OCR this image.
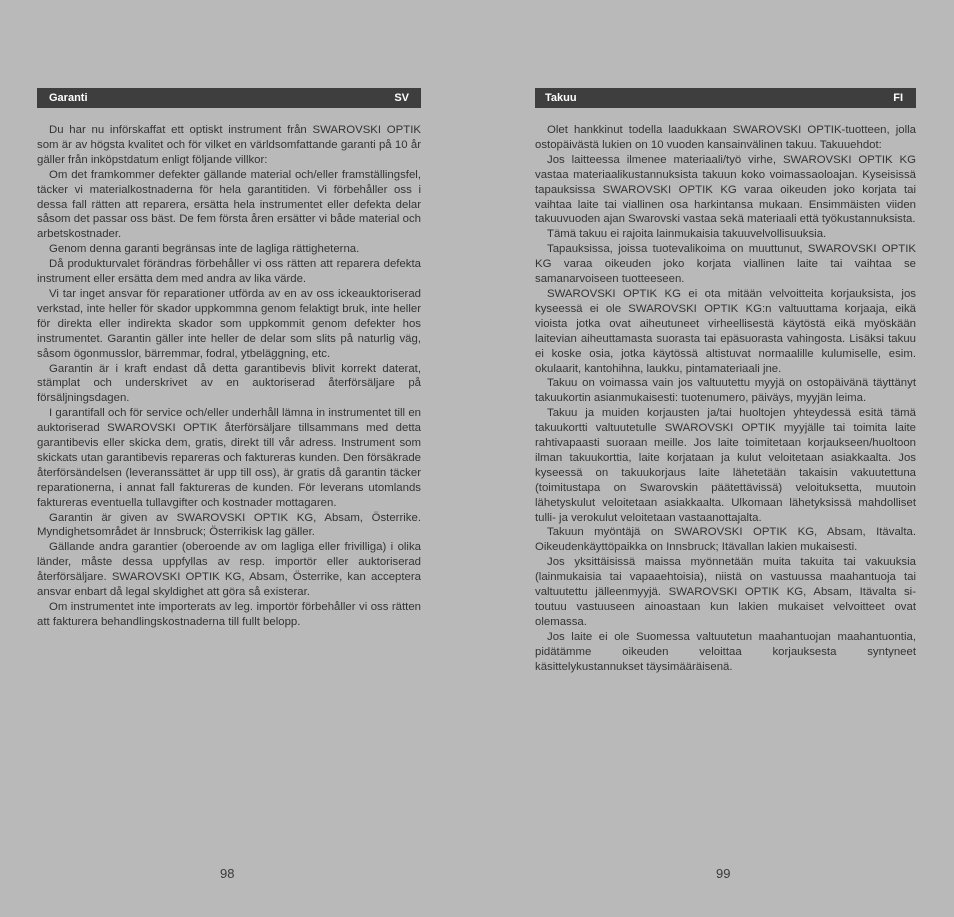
Garanti	SV

Du har nu införskaffat ett optiskt instrument från SWAROVSKI OPTIK som är av högsta kvalitet och för vilket en världsomfattande garanti på 10 år gäller från inköpstdatum enligt följande villkor:

Om det framkommer defekter gällande material och/eller framställingsfel, täcker vi materialkostnaderna för hela garantitiden. Vi förbehåller oss i dessa fall rätten att reparera, ersätta hela instrumentet eller defekta delar såsom det passar oss bäst. De fem första åren ersätter vi både material och arbetskostnader.

Genom denna garanti begränsas inte de lagliga rättigheterna.

Då produkturvalet förändras förbehåller vi oss rätten att reparera defekta instrument eller ersätta dem med andra av lika värde.

Vi tar inget ansvar för reparationer utförda av en av oss ickeauktoriserad verkstad, inte heller för skador uppkommna genom felaktigt bruk, inte heller för direkta eller indirekta skador som uppkommit genom defekter hos instrumentet. Garantin gäller inte heller de delar som slits på naturlig väg, såsom ögonmusslor, bärremmar, fodral, ytbeläggning, etc.

Garantin är i kraft endast då detta garantibevis blivit korrekt daterat, stämplat och underskrivet av en auktoriserad återförsäljare på försäljningsdagen.

I garantifall och för service och/eller underhåll lämna in instrumentet till en auktoriserad SWAROVSKI OPTIK återförsäljare tillsammans med detta garantibevis eller skicka dem, gratis, direkt till vår adress. Instrument som skickats utan garantibevis repareras och faktureras kunden. Den försäkrade återförsändelsen (leveranssättet är upp till oss), är gratis då garantin täcker reparationerna, i annat fall faktureras de kunden. För leverans utomlands faktureras eventuella tullavgifter och kostnader mottagaren.

Garantin är given av SWAROVSKI OPTIK KG, Absam, Österrike. Myndighetsområdet är Innsbruck; Österrikisk lag gäller.

Gällande andra garantier (oberoende av om lagliga eller frivilliga) i olika länder, måste dessa uppfyllas av resp. importör eller auktoriserad återförsäljare. SWAROVSKI OPTIK KG, Absam, Österrike, kan acceptera ansvar enbart då legal skyldighet att göra så existerar.

Om instrumentet inte importerats av leg. importör förbehåller vi oss rätten att fakturera behandlingskostnaderna till fullt belopp.

98
Takuu	FI

Olet hankkinut todella laadukkaan SWAROVSKI OPTIK-tuotteen, jolla ostopäivästä lukien on 10 vuoden kansainvälinen takuu. Takuuehdot:

Jos laitteessa ilmenee materiaali/työ virhe, SWAROVSKI OPTIK KG vastaa materiaalikustannuksista takuun koko voimassaoloajan. Kyseisissä tapauksissa SWAROVSKI OPTIK KG varaa oikeuden joko korjata tai vaihtaa laite tai viallinen osa harkintansa mukaan. Ensimmäisten viiden takuuvuoden ajan Swarovski vastaa sekä materiaali että työkustannuksista.

Tämä takuu ei rajoita lainmukaisia takuuvelvollisuuksia.

Tapauksissa, joissa tuotevalikoima on muuttunut, SWAROVSKI OPTIK KG varaa oikeuden joko korjata viallinen laite tai vaihtaa se samanarvoiseen tuotteeseen.

SWAROVSKI OPTIK KG ei ota mitään velvoitteita korjauksista, jos kyseessä ei ole SWAROVSKI OPTIK KG:n valtuuttama korjaaja, eikä vioista jotka ovat aiheutuneet virheellisestä käytöstä eikä myöskään laitevian aiheuttamasta suorasta tai epäsuorasta vahingosta. Lisäksi takuu ei koske osia, jotka käytössä altistuvat normaalille kulumiselle, esim. okulaarit, kantohihna, laukku, pintamateriaali jne.

Takuu on voimassa vain jos valtuutettu myyjä on ostopäivänä täyttänyt takuukortin asianmukaisesti: tuotenumero, päiväys, myyjän leima.

Takuu ja muiden korjausten ja/tai huoltojen yhteydessä esitä tämä takuukortti valtuutetulle SWAROVSKI OPTIK myyjälle tai toimita laite rahtivapaasti suoraan meille. Jos laite toimitetaan korjaukseen/huoltoon ilman takuukorttia, laite korjataan ja kulut veloitetaan asiakkaalta. Jos kyseessä on takuukorjaus laite lähetetään takaisin vakuutettuna (toimitustapa on Swarovskin päätettävissä) veloituksetta, muutoin lähetyskulut veloitetaan asiakkaalta. Ulkomaan lähetyksissä mahdolliset tulli- ja verokulut veloitetaan vastaanottajalta.

Takuun myöntäjä on SWAROVSKI OPTIK KG, Absam, Itävalta. Oikeudenkäyttöpaikka on Innsbruck; Itävallan lakien mukaisesti.

Jos yksittäisissä maissa myönnetään muita takuita tai vakuuksia (lainmukaisia tai vapaaehtoisia), niistä on vastuussa maahantuoja tai valtuutettu jälleenmyyjä. SWAROVSKI OPTIK KG, Absam, Itävalta si-toutuu vastuuseen ainoastaan kun lakien mukaiset velvoitteet ovat olemassa.

Jos laite ei ole Suomessa valtuutetun maahantuojan maahantuontia, pidätämme oikeuden veloittaa korjauksesta syntyneet käsittelykustannukset täysimääräisenä.

99
